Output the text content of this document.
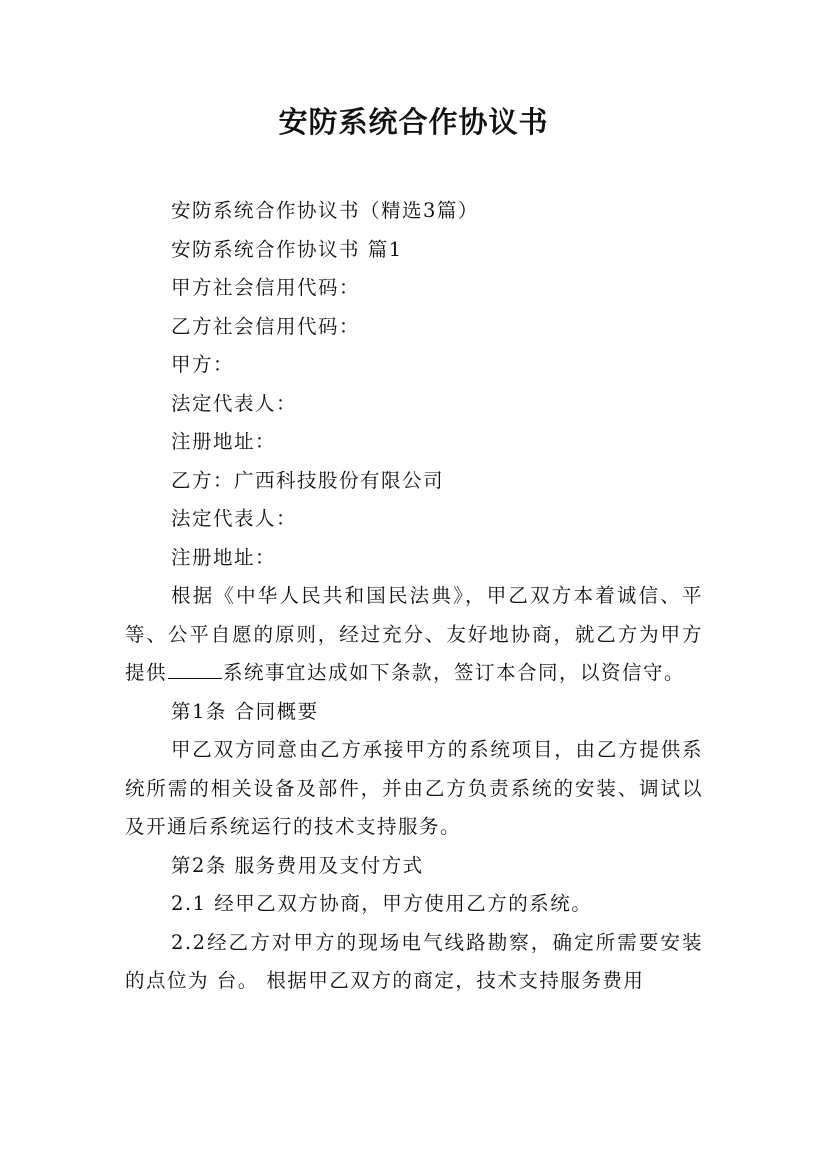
安防系统合作协议书

安防系统合作协议书（精选3篇）

安防系统合作协议书 篇1

甲方社会信用代码：

乙方社会信用代码：

甲方：

法定代表人：

注册地址：

乙方：广西科技股份有限公司

法定代表人：

注册地址：

根据《中华人民共和国民法典》，甲乙双方本着诚信、平等、公平自愿的原则，经过充分、友好地协商，就乙方为甲方提供	系统事宜达成如下条款，签订本合同，以资信守。

第1条 合同概要

甲乙双方同意由乙方承接甲方的系统项目，由乙方提供系统所需的相关设备及部件，并由乙方负责系统的安装、调试以及开通后系统运行的技术支持服务。

第2条 服务费用及支付方式

2.1 经甲乙双方协商，甲方使用乙方的系统。

2.2经乙方对甲方的现场电气线路勘察，确定所需要安装的点位为 台。 根据甲乙双方的商定，技术支持服务费用
